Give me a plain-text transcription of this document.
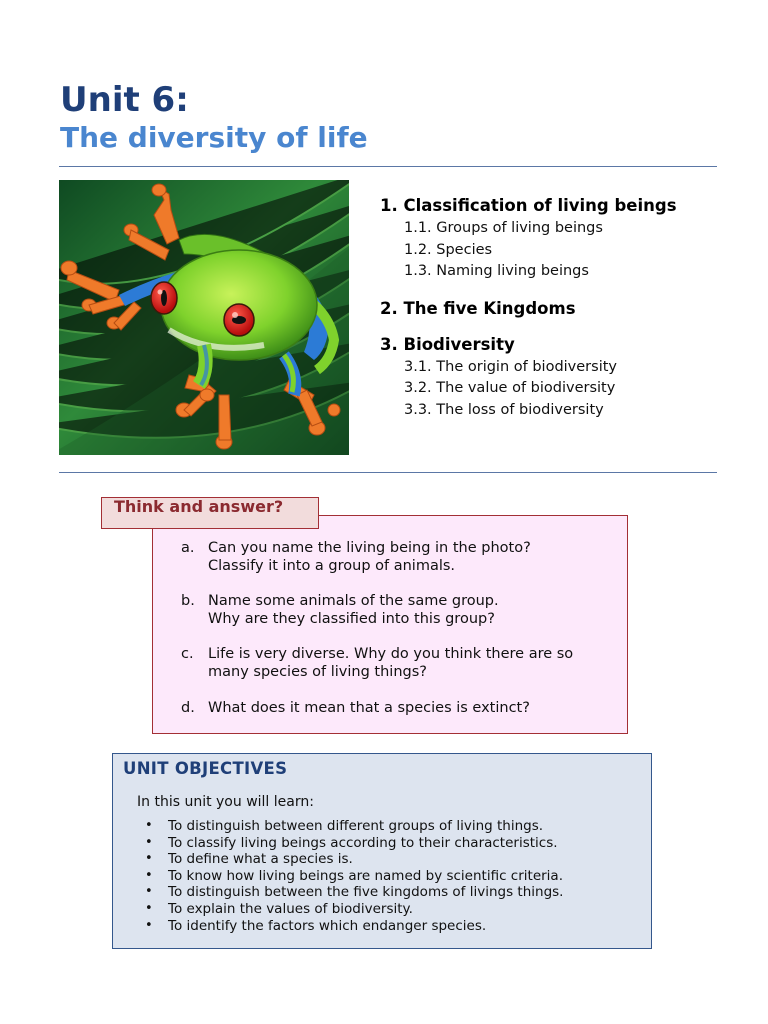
Unit 6:
The diversity of life

1. Classification of living beings

1.1. Groups of living beings

1.2. Species

1.3. Naming living beings

2. The five Kingdoms

3. Biodiversity

3.1. The origin of biodiversity

3.2. The value of biodiversity

3.3. The loss of biodiversity

a. Can you name the living being in the photo?
Classify it into a group of animals.
b. Name some animals of the same group.
Why are they classified into this group?
c. Life is very diverse. Why do you think there are so
many species of living things?
d. What does it mean that a species is extinct?
Think and answer?
UNIT OBJECTIVES
In this unit you will learn:
• To distinguish between different groups of living things.
• To classify living beings according to their characteristics.
• To define what a species is.
• To know how living beings are named by scientific criteria.
• To distinguish between the five kingdoms of livings things.
• To explain the values of biodiversity.
• To identify the factors which endanger species.
